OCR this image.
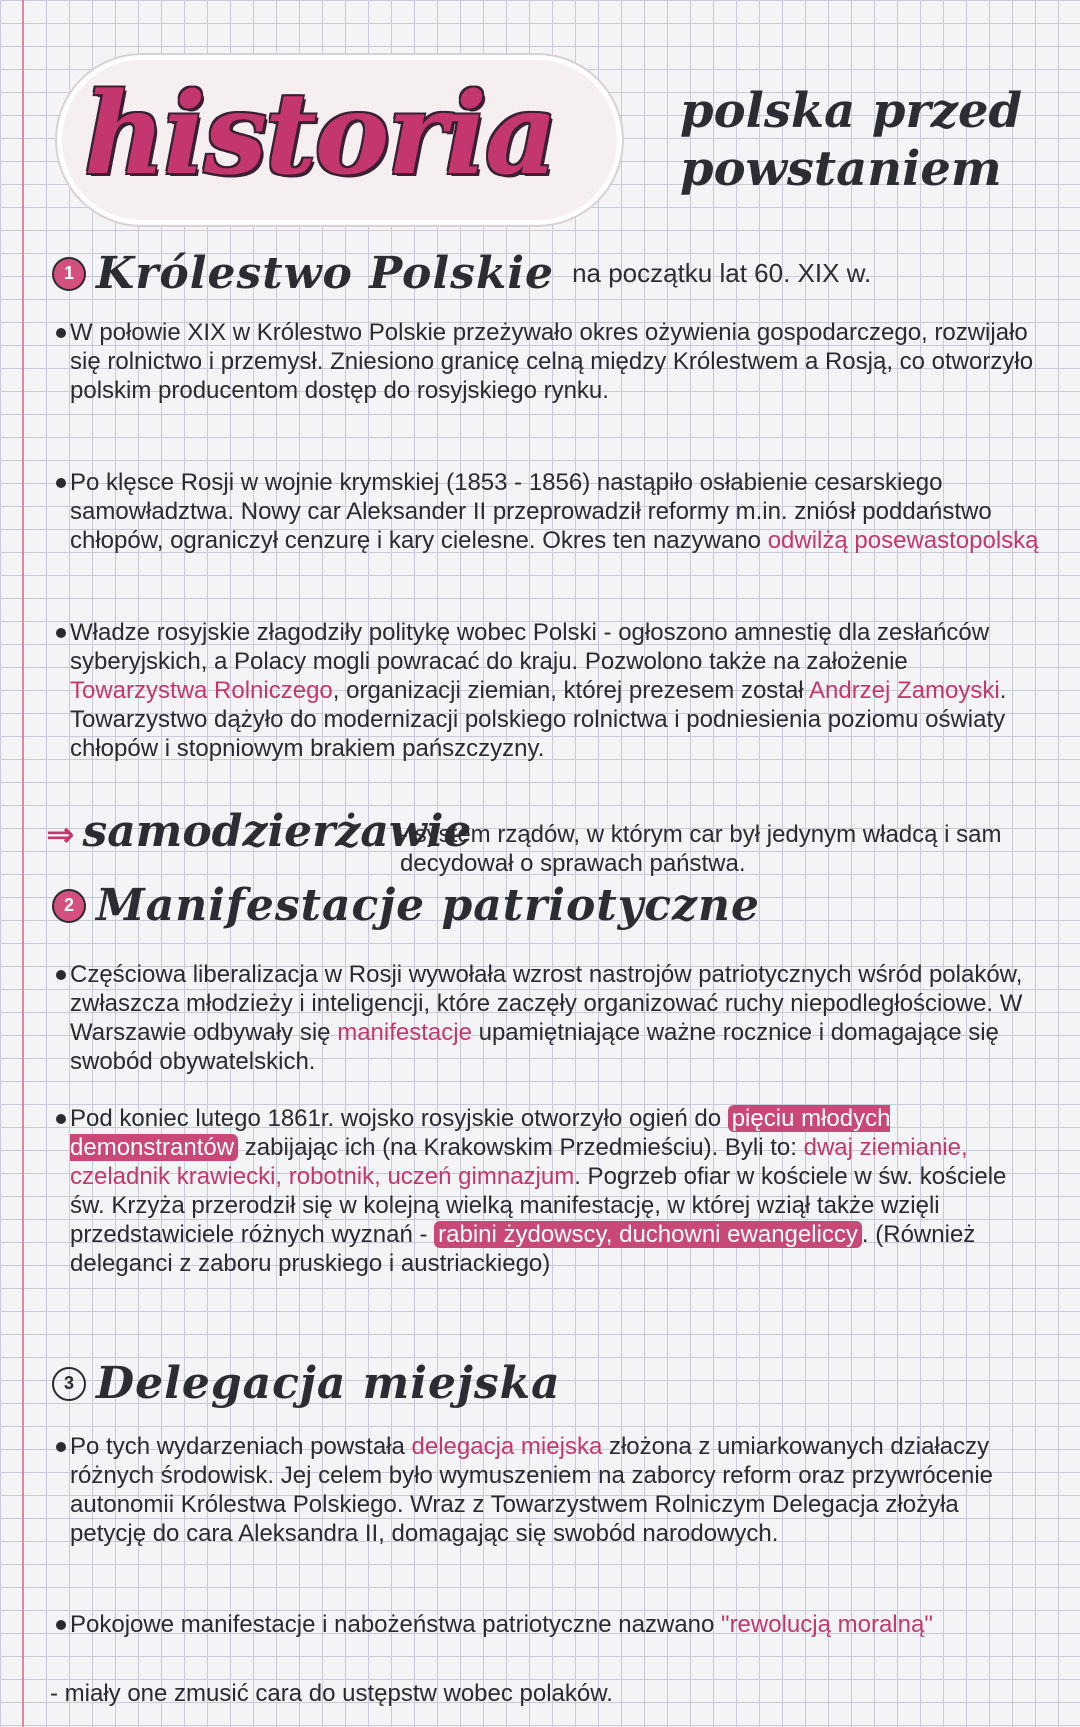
historia	polska przed powstaniem
1 Królestwo Polskie na początku lat 60. XIX w.
W połowie XIX w Królestwo Polskie przeżywało okres ożywienia gospodarczego, rozwijało się rolnictwo i przemysł. Zniesiono granicę celną między Królestwem a Rosją, co otworzyło polskim producentom dostęp do rosyjskiego rynku.
Po klęsce Rosji w wojnie krymskiej (1853 - 1856) nastąpiło osłabienie cesarskiego samowładztwa. Nowy car Aleksander II przeprowadził reformy m.in. zniósł poddaństwo chłopów, ograniczył cenzurę i kary cielesne. Okres ten nazywano odwilżą posewastopolską
Władze rosyjskie złagodziły politykę wobec Polski - ogłoszono amnestię dla zesłańców syberyjskich, a Polacy mogli powracać do kraju. Pozwolono także na założenie Towarzystwa Rolniczego, organizacji ziemian, której prezesem został Andrzej Zamoyski. Towarzystwo dążyło do modernizacji polskiego rolnictwa i podniesienia poziomu oświaty chłopów i stopniowym brakiem pańszczyzny.
⇒ samodzierżawie
- system rządów, w którym car był jedynym władcą i sam decydował o sprawach państwa.
2 Manifestacje patriotyczne
Częściowa liberalizacja w Rosji wywołała wzrost nastrojów patriotycznych wśród polaków, zwłaszcza młodzieży i inteligencji, które zaczęły organizować ruchy niepodległościowe. W Warszawie odbywały się manifestacje upamiętniające ważne rocznice i domagające się swobód obywatelskich.
Pod koniec lutego 1861r. wojsko rosyjskie otworzyło ogień do pięciu młodych demonstrantów zabijając ich (na Krakowskim Przedmieściu). Byli to: dwaj ziemianie, czeladnik krawiecki, robotnik, uczeń gimnazjum. Pogrzeb ofiar w kościele w św. kościele św. Krzyża przerodził się w kolejną wielką manifestację, w której wziął także wzięli przedstawiciele różnych wyznań - rabini żydowscy, duchowni ewangeliccy . (Również deleganci z zaboru pruskiego i austriackiego)
3 Delegacja miejska
Po tych wydarzeniach powstała delegacja miejska złożona z umiarkowanych działaczy różnych środowisk. Jej celem było wymuszeniem na zaborcy reform oraz przywrócenie autonomii Królestwa Polskiego. Wraz z Towarzystwem Rolniczym Delegacja złożyła petycję do cara Aleksandra II, domagając się swobód narodowych.
Pokojowe manifestacje i nabożeństwa patriotyczne nazwano "rewolucją moralną"
- miały one zmusić cara do ustępstw wobec polaków.
